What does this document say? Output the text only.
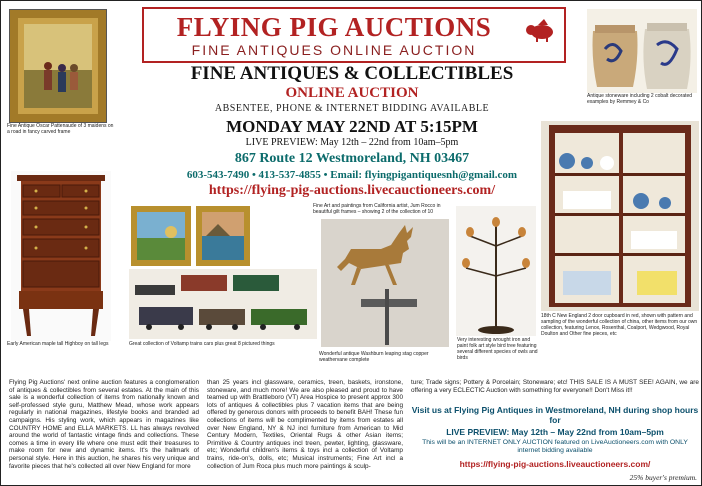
FLYING PIG AUCTIONS
FINE ANTIQUES ONLINE AUCTION
FINE ANTIQUES & COLLECTIBLES
ONLINE AUCTION
ABSENTEE, PHONE & INTERNET BIDDING AVAILABLE
MONDAY MAY 22ND AT 5:15PM
LIVE PREVIEW: May 12th – 22nd from 10am–5pm
867 Route 12 Westmoreland, NH 03467
603-543-7490 • 413-537-4855 • Email: flyingpigantiquesnh@gmail.com
https://flying-pig-auctions.livecauctioneers.com/
Fine Antique Oscar Pattenaude of 3 maidens on a road in fancy carved frame
Antique stoneware including 2 cobalt decorated examples by Remmey & Co
Early American maple tall Highboy on tall legs	Great collection of Voltamp trains cars plus great 8 pictured things
Fine Art and paintings from California artist, Jum Rocco in beautiful gilt frames – showing 2 of the collection of 10
Wonderful antique Washburn leaping stag copper weathervane complete
Very interesting wrought iron and paint folk art style bird tree featuring several different species of owls and birds
18th C New England 2 door cupboard in red, shown with pattern and sampling of the wonderful collection of china, other items from our own collection, featuring Lenox, Rosenthal, Coalport, Wedgwood, Royal Doulton and Other fine pieces, etc
Flying Pig Auctions' next online auction features a conglomeration of antiques & collectibles from several estates. At the main of this sale is a wonderful collection of items from nationally known and self-professed style guru, Matthew Mead, whose work appears regularly in national magazines, lifestyle books and branded ad campaigns. His styling work, which appears in magazines like COUNTRY HOME and ELLA MARKETS. LL has always revolved around the world of fantastic vintage finds and collections. These comes a time in every life where one must edit their treasures to make room for new and dynamic items. It's the hallmark of personal style. Here in this auction, he shares his very unique and favorite pieces that he's collected all over New England for more
than 25 years incl glassware, ceramics, treen, baskets, ironstone, stoneware, and much more! We are also pleased and proud to have teamed up with Brattleboro (VT) Area Hospice to present approx 300 lots of antiques & collectibles plus 7 vacation items that are being offered by generous donors with proceeds to benefit BAH! These fun collections of items will be complimented by items from estates all over New England, NY & NJ incl furniture from American to Mid Century Modern, Textiles, Oriental Rugs & other Asian items; Primitive & Country antiques incl treen, pewter, lighting, glassware, etc; Wonderful children's items & toys incl a collection of Voltamp trains, ride-on's, dolls, etc; Musical instruments; Fine Art incl a collection of Jum Roca plus much more paintings & sculp-
ture; Trade signs; Pottery & Porcelain; Stoneware; etc! THIS SALE IS A MUST SEE! AGAIN, we are offering a very ECLECTIC Auction with something for everyone!! Don't Miss it!!
Visit us at Flying Pig Antiques in Westmoreland, NH during shop hours for
LIVE PREVIEW: May 12th – May 22nd from 10am–5pm
This will be an INTERNET ONLY AUCTION featured on LiveAuctioneers.com with ONLY internet bidding available
https://flying-pig-auctions.liveauctioneers.com/
25% buyer's premium.
